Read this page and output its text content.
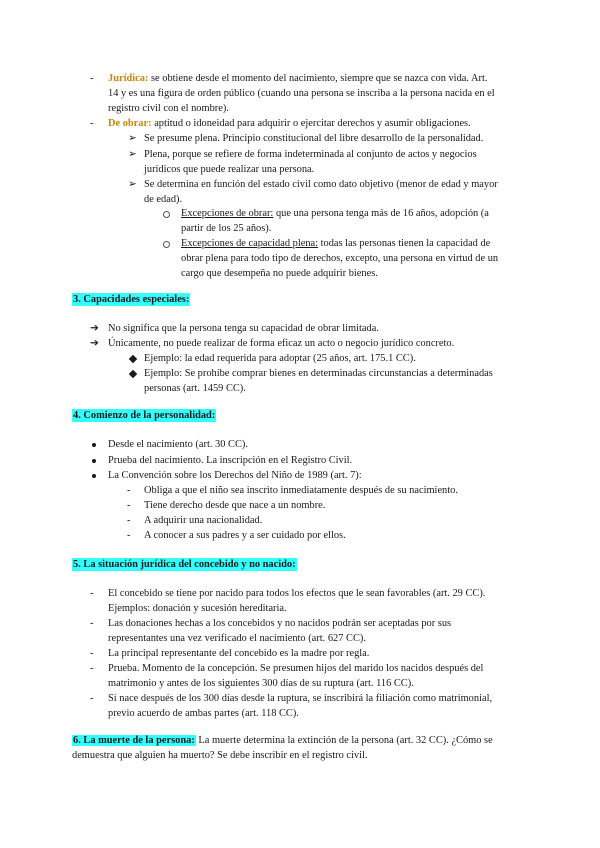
- Jurídica: se obtiene desde el momento del nacimiento, siempre que se nazca con vida. Art.
14 y es una figura de orden público (cuando una persona se inscriba a la persona nacida en el
registro civil con el nombre).
- De obrar: aptitud o idoneidad para adquirir o ejercitar derechos y asumir obligaciones.
➢ Se presume plena. Principio constitucional del libre desarrollo de la personalidad.
➢ Plena, porque se refiere de forma indeterminada al conjunto de actos y negocios
jurídicos que puede realizar una persona.
➢ Se determina en función del estado civil como dato objetivo (menor de edad y mayor
de edad).
Excepciones de obrar: que una persona tenga más de 16 años, adopción (a
partir de los 25 años).
Excepciones de capacidad plena: todas las personas tienen la capacidad de
obrar plena para todo tipo de derechos, excepto, una persona en virtud de un
cargo que desempeña no puede adquirir bienes.
3. Capacidades especiales:
➔ No significa que la persona tenga su capacidad de obrar limitada.
➔ Únicamente, no puede realizar de forma eficaz un acto o negocio jurídico concreto.
Ejemplo: la edad requerida para adoptar (25 años, art. 175.1 CC).
Ejemplo: Se prohíbe comprar bienes en determinadas circunstancias a determinadas
personas (art. 1459 CC).
4. Comienzo de la personalidad:
Desde el nacimiento (art. 30 CC).
Prueba del nacimiento. La inscripción en el Registro Civil.
La Convención sobre los Derechos del Niño de 1989 (art. 7):
- Obliga a que el niño sea inscrito inmediatamente después de su nacimiento.
- Tiene derecho desde que nace a un nombre.
- A adquirir una nacionalidad.
- A conocer a sus padres y a ser cuidado por ellos.
5. La situación jurídica del concebido y no nacido:
- El concebido se tiene por nacido para todos los efectos que le sean favorables (art. 29 CC).
Ejemplos: donación y sucesión hereditaria.
- Las donaciones hechas a los concebidos y no nacidos podrán ser aceptadas por sus
representantes una vez verificado el nacimiento (art. 627 CC).
- La principal representante del concebido es la madre por regla.
- Prueba. Momento de la concepción. Se presumen hijos del marido los nacidos después del
matrimonio y antes de los siguientes 300 días de su ruptura (art. 116 CC).
- Si nace después de los 300 días desde la ruptura, se inscribirá la filiación como matrimonial,
previo acuerdo de ambas partes (art. 118 CC).
6. La muerte de la persona: La muerte determina la extinción de la persona (art. 32 CC). ¿Cómo se
demuestra que alguien ha muerto? Se debe inscribir en el registro civil.
